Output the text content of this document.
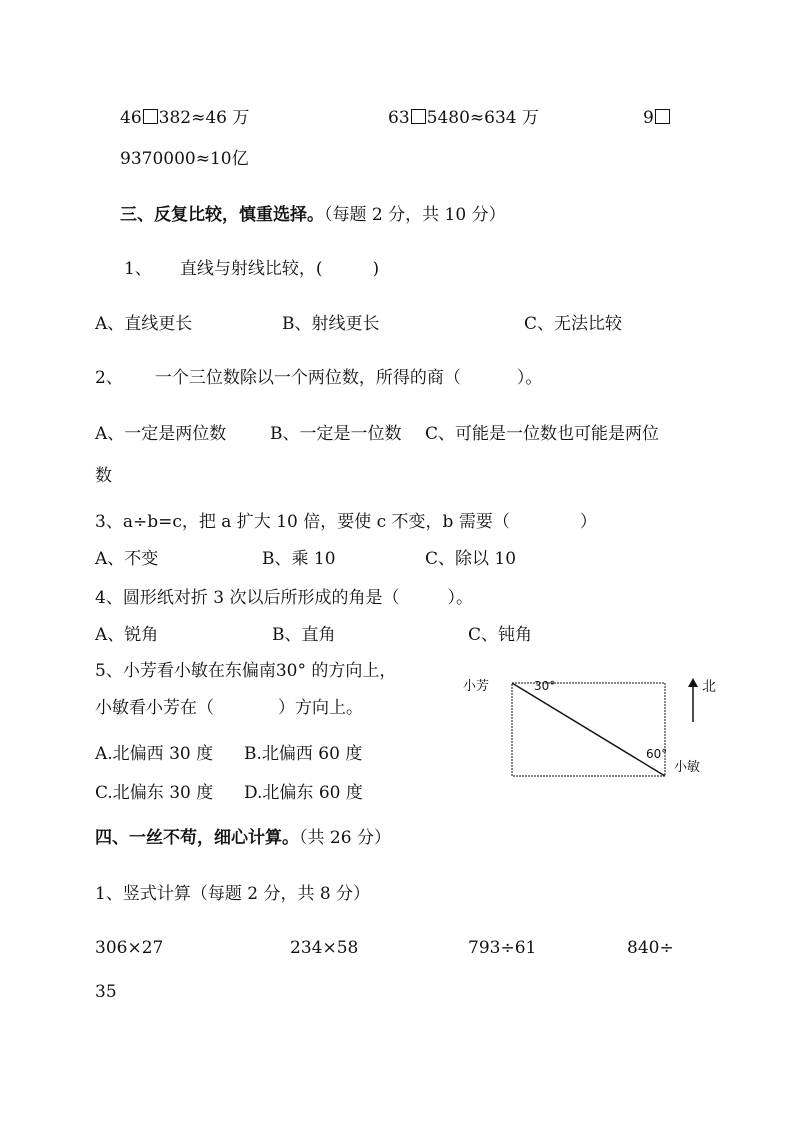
46 382≈46 万	63 5480≈634 万	9
9370000≈10亿
三、反复比较，慎重选择。（每题 2 分，共 10 分）
1、 直线与射线比较，(	)
A、直线更长	B、射线更长	C、无法比较
2、 一个三位数除以一个两位数，所得的商（	）。
A、一定是两位数	B、一定是一位数 C、可能是一位数也可能是两位
数
3、a÷b=c，把 a 扩大 10 倍，要使 c 不变，b 需要（	）
A、不变	B、乘 10	C、除以 10
4、圆形纸对折 3 次以后所形成的角是（	）。
A、锐角	B、直角	C、钝角
5、小芳看小敏在东偏南30° 的方向上，
小敏看小芳在（	）方向上。
A.北偏西 30 度 B.北偏西 60 度
C.北偏东 30 度 D.北偏东 60 度
小芳	30°
60°
小敏
北
四、一丝不苟，细心计算。（共 26 分）
1、竖式计算（每题 2 分，共 8 分）
306×27	234×58	793÷61	840÷
35
